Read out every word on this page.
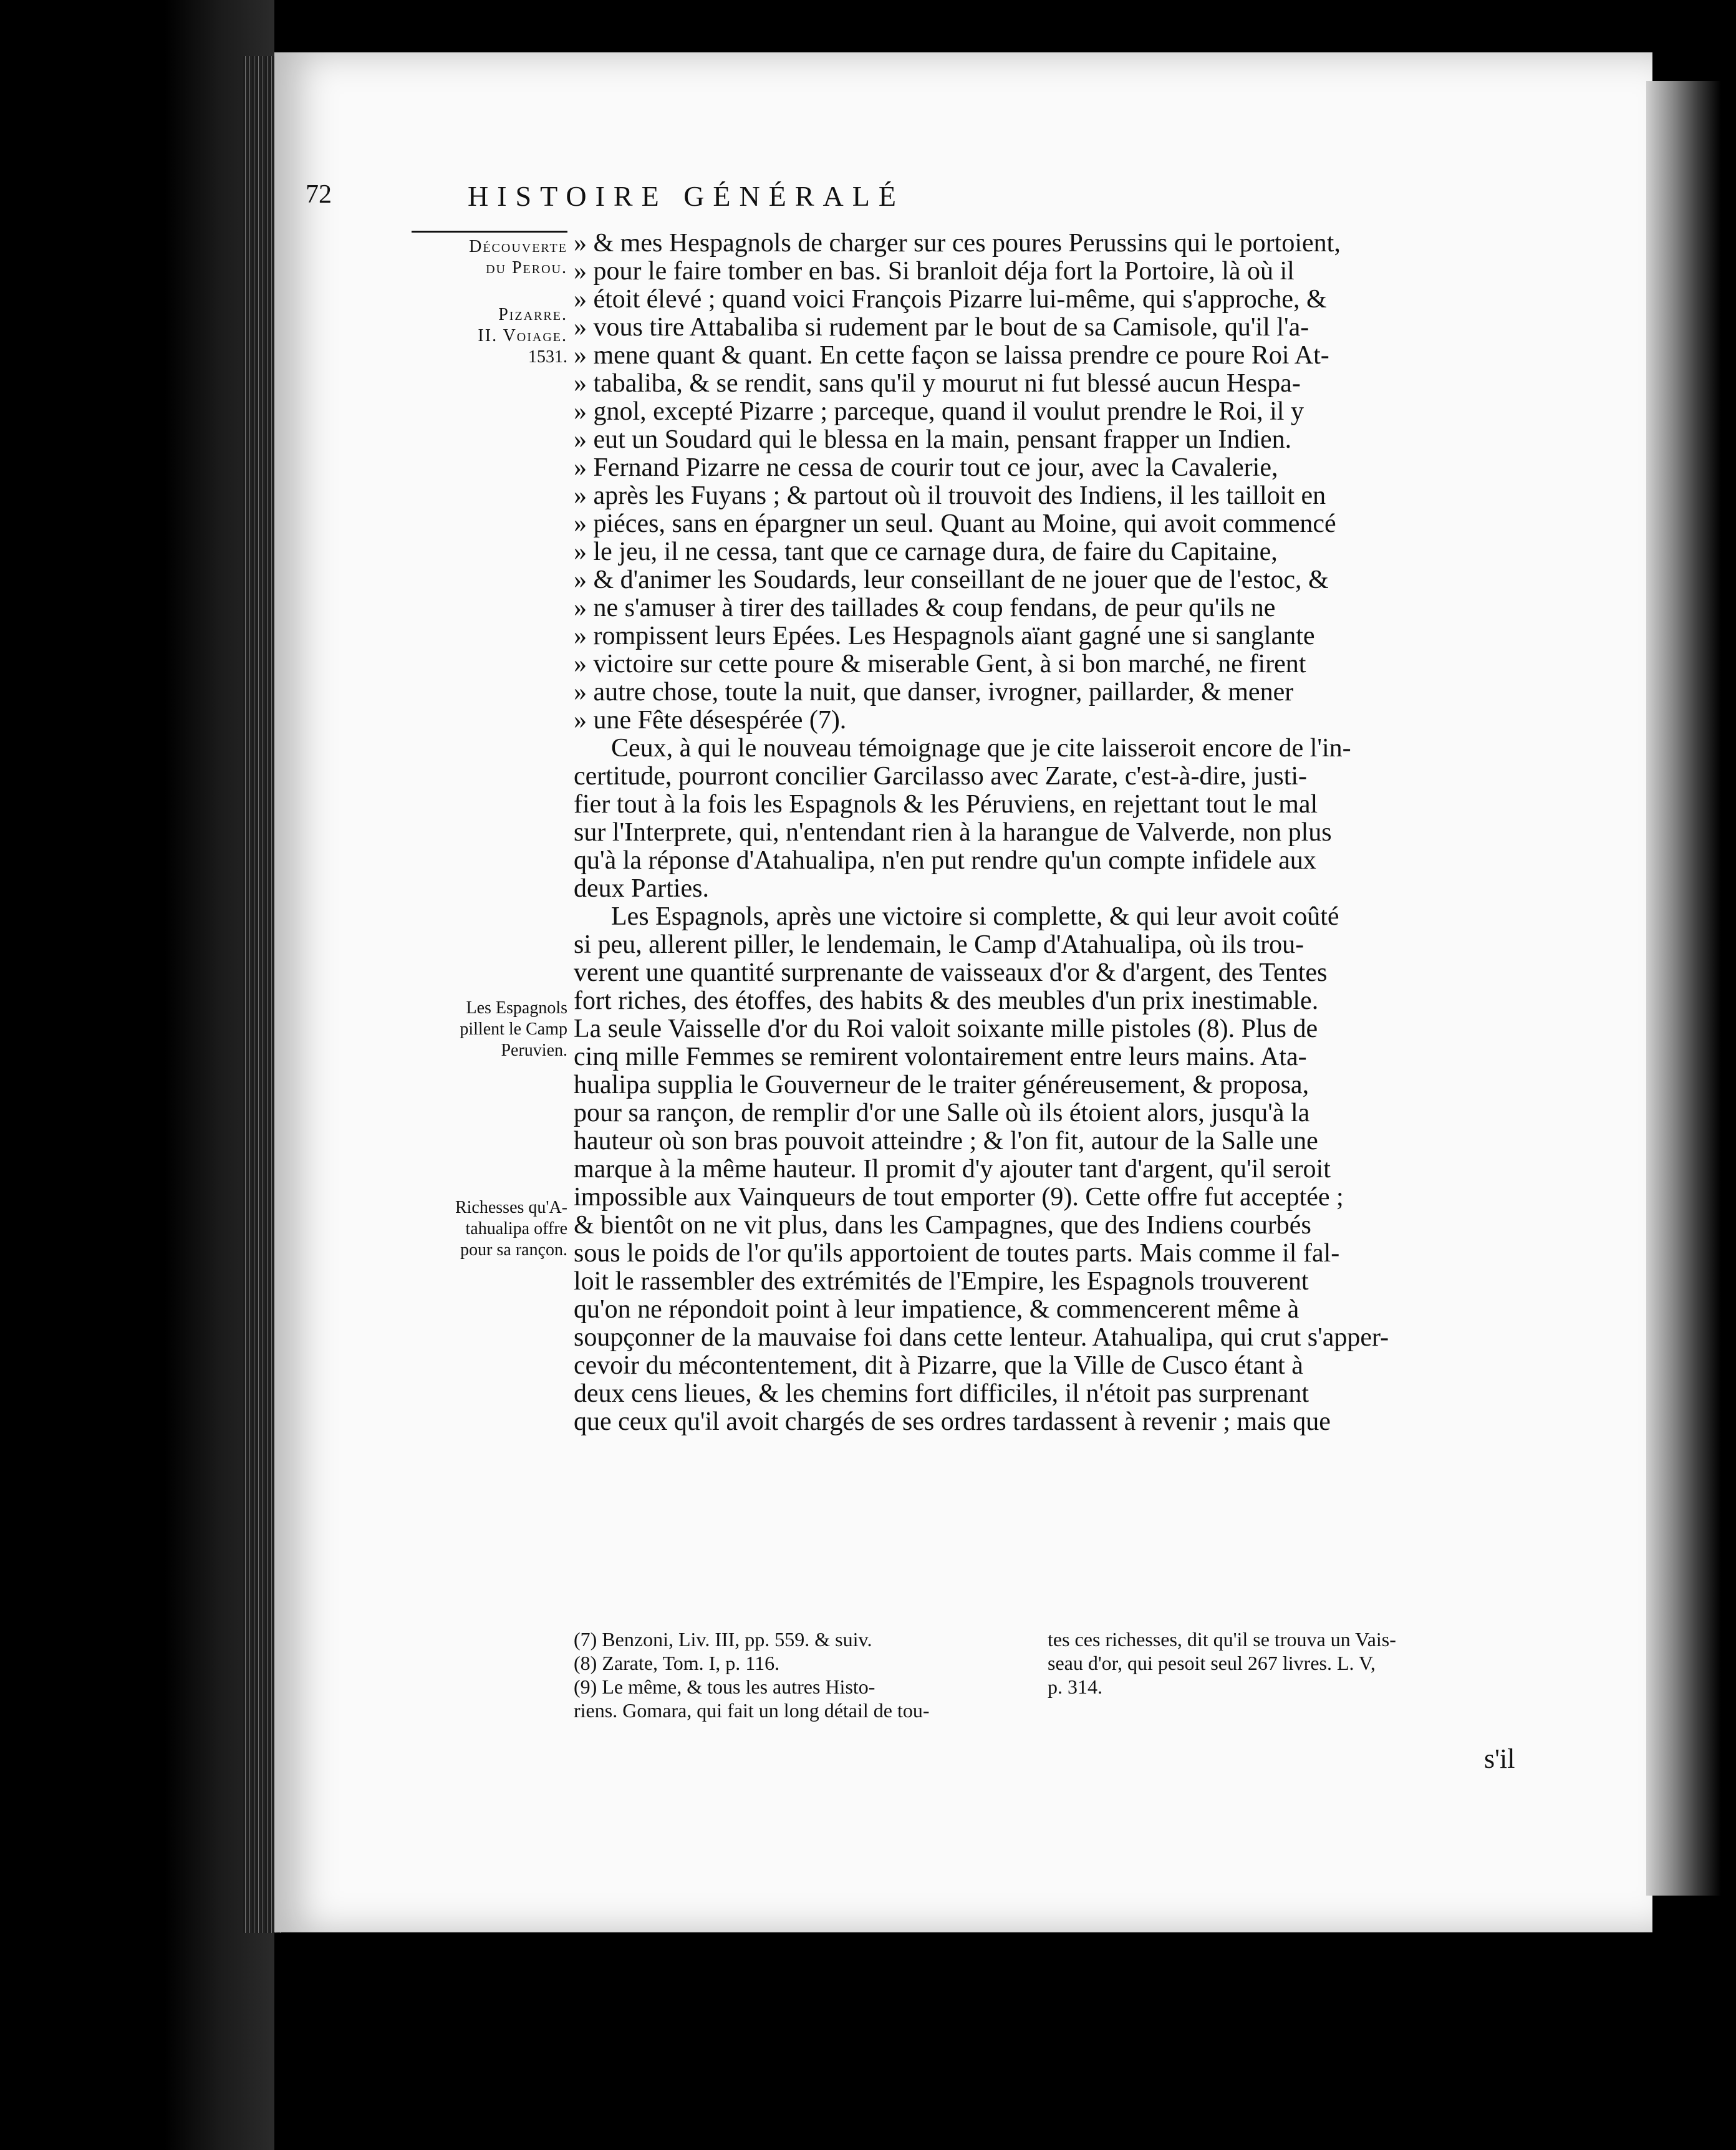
72	HISTOIRE GÉNÉRALÉ

Découverte

du Perou.

Pizarre.

II. Voiage.

1531.

Les Espagnols

pillent le Camp

Peruvien.

Richesses qu'A-

tahualipa offre

pour sa rançon.

» & mes Hespagnols de charger sur ces poures Perussins qui le portoient,
» pour le faire tomber en bas. Si branloit déja fort la Portoire, là où il
» étoit élevé ; quand voici François Pizarre lui-même, qui s'approche, &
» vous tire Attabaliba si rudement par le bout de sa Camisole, qu'il l'a-
» mene quant & quant. En cette façon se laissa prendre ce poure Roi At-
» tabaliba, & se rendit, sans qu'il y mourut ni fut blessé aucun Hespa-
» gnol, excepté Pizarre ; parceque, quand il voulut prendre le Roi, il y
» eut un Soudard qui le blessa en la main, pensant frapper un Indien.
» Fernand Pizarre ne cessa de courir tout ce jour, avec la Cavalerie,
» après les Fuyans ; & partout où il trouvoit des Indiens, il les tailloit en
» piéces, sans en épargner un seul. Quant au Moine, qui avoit commencé
» le jeu, il ne cessa, tant que ce carnage dura, de faire du Capitaine,
» & d'animer les Soudards, leur conseillant de ne jouer que de l'estoc, &
» ne s'amuser à tirer des taillades & coup fendans, de peur qu'ils ne
» rompissent leurs Epées. Les Hespagnols aïant gagné une si sanglante
» victoire sur cette poure & miserable Gent, à si bon marché, ne firent
» autre chose, toute la nuit, que danser, ivrogner, paillarder, & mener
» une Fête désespérée (7).
Ceux, à qui le nouveau témoignage que je cite laisseroit encore de l'in-
certitude, pourront concilier Garcilasso avec Zarate, c'est-à-dire, justi-
fier tout à la fois les Espagnols & les Péruviens, en rejettant tout le mal
sur l'Interprete, qui, n'entendant rien à la harangue de Valverde, non plus
qu'à la réponse d'Atahualipa, n'en put rendre qu'un compte infidele aux
deux Parties.
Les Espagnols, après une victoire si complette, & qui leur avoit coûté
si peu, allerent piller, le lendemain, le Camp d'Atahualipa, où ils trou-
verent une quantité surprenante de vaisseaux d'or & d'argent, des Tentes
fort riches, des étoffes, des habits & des meubles d'un prix inestimable.
La seule Vaisselle d'or du Roi valoit soixante mille pistoles (8). Plus de
cinq mille Femmes se remirent volontairement entre leurs mains. Ata-
hualipa supplia le Gouverneur de le traiter généreusement, & proposa,
pour sa rançon, de remplir d'or une Salle où ils étoient alors, jusqu'à la
hauteur où son bras pouvoit atteindre ; & l'on fit, autour de la Salle une
marque à la même hauteur. Il promit d'y ajouter tant d'argent, qu'il seroit
impossible aux Vainqueurs de tout emporter (9). Cette offre fut acceptée ;
& bientôt on ne vit plus, dans les Campagnes, que des Indiens courbés
sous le poids de l'or qu'ils apportoient de toutes parts. Mais comme il fal-
loit le rassembler des extrémités de l'Empire, les Espagnols trouverent
qu'on ne répondoit point à leur impatience, & commencerent même à
soupçonner de la mauvaise foi dans cette lenteur. Atahualipa, qui crut s'apper-
cevoir du mécontentement, dit à Pizarre, que la Ville de Cusco étant à
deux cens lieues, & les chemins fort difficiles, il n'étoit pas surprenant
que ceux qu'il avoit chargés de ses ordres tardassent à revenir ; mais que
(7) Benzoni, Liv. III, pp. 559. & suiv.
(8) Zarate, Tom. I, p. 116.
(9) Le même, & tous les autres Histo-
riens. Gomara, qui fait un long détail de tou-
tes ces richesses, dit qu'il se trouva un Vais-
seau d'or, qui pesoit seul 267 livres. L. V,
p. 314.
s'il
